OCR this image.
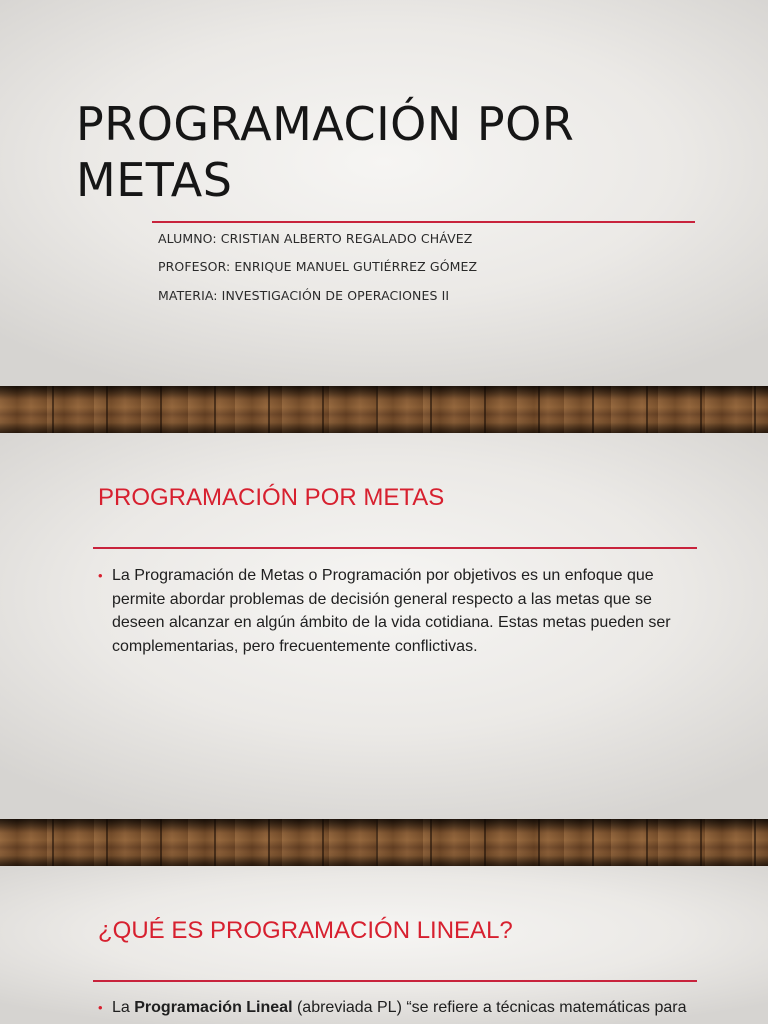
PROGRAMACIÓN POR METAS

ALUMNO: CRISTIAN ALBERTO REGALADO CHÁVEZ

PROFESOR: ENRIQUE MANUEL GUTIÉRREZ GÓMEZ

MATERIA: INVESTIGACIÓN DE OPERACIONES II

PROGRAMACIÓN POR METAS

• La Programación de Metas o Programación por objetivos es un enfoque que permite abordar problemas de decisión general respecto a las metas que se deseen alcanzar en algún ámbito de la vida cotidiana. Estas metas pueden ser complementarias, pero frecuentemente conflictivas.

¿QUÉ ES PROGRAMACIÓN LINEAL?

• La Programación Lineal (abreviada PL) “se refiere a técnicas matemáticas para
